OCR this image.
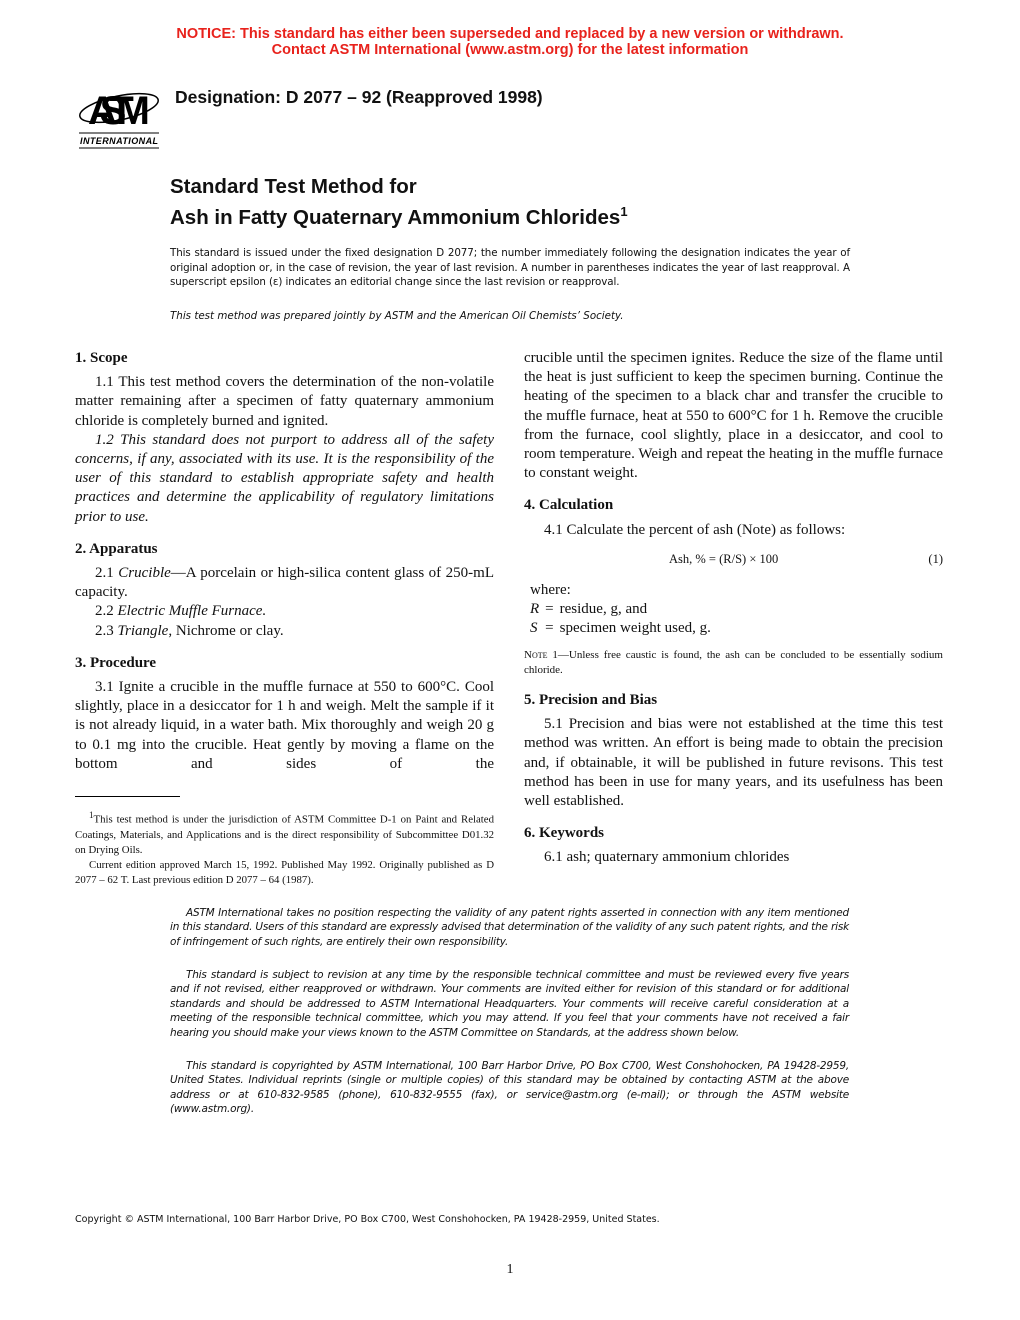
NOTICE: This standard has either been superseded and replaced by a new version or withdrawn.
Contact ASTM International (www.astm.org) for the latest information
ASTM
INTERNATIONAL
Designation: D 2077 – 92 (Reapproved 1998)
Standard Test Method for
Ash in Fatty Quaternary Ammonium Chlorides$^1$
This standard is issued under the fixed designation D 2077; the number immediately following the designation indicates the year of original adoption or, in the case of revision, the year of last revision. A number in parentheses indicates the year of last reapproval. A superscript epsilon (ε) indicates an editorial change since the last revision or reapproval.
This test method was prepared jointly by ASTM and the American Oil Chemists’ Society.
1. Scope

1.1 This test method covers the determination of the non-volatile matter remaining after a specimen of fatty quaternary ammonium chloride is completely burned and ignited.

1.2 This standard does not purport to address all of the safety concerns, if any, associated with its use. It is the responsibility of the user of this standard to establish appropriate safety and health practices and determine the applicability of regulatory limitations prior to use.

2. Apparatus

2.1 Crucible—A porcelain or high-silica content glass of 250-mL capacity.

2.2 Electric Muffle Furnace.

2.3 Triangle, Nichrome or clay.

3. Procedure

3.1 Ignite a crucible in the muffle furnace at 550 to 600°C. Cool slightly, place in a desiccator for 1 h and weigh. Melt the sample if it is not already liquid, in a water bath. Mix thoroughly and weigh 20 g to 0.1 mg into the crucible. Heat gently by moving a flame on the bottom and sides of the

$^1$This test method is under the jurisdiction of ASTM Committee D-1 on Paint and Related Coatings, Materials, and Applications and is the direct responsibility of Subcommittee D01.32 on Drying Oils.

Current edition approved March 15, 1992. Published May 1992. Originally published as D 2077 – 62 T. Last previous edition D 2077 – 64 (1987).

crucible until the specimen ignites. Reduce the size of the flame until the heat is just sufficient to keep the specimen burning. Continue the heating of the specimen to a black char and transfer the crucible to the muffle furnace, heat at 550 to 600°C for 1 h. Remove the crucible from the furnace, cool slightly, place in a desiccator, and cool to room temperature. Weigh and repeat the heating in the muffle furnace to constant weight.

4. Calculation

4.1 Calculate the percent of ash (Note) as follows:

Ash, % = (R/S) × 100	(1)
where:
R	=	residue, g, and
S	=	specimen weight used, g.
Note 1—Unless free caustic is found, the ash can be concluded to be essentially sodium chloride.
5. Precision and Bias

5.1 Precision and bias were not established at the time this test method was written. An effort is being made to obtain the precision and, if obtainable, it will be published in future revisons. This test method has been in use for many years, and its usefulness has been well established.

6. Keywords

6.1 ash; quaternary ammonium chlorides

ASTM International takes no position respecting the validity of any patent rights asserted in connection with any item mentioned in this standard. Users of this standard are expressly advised that determination of the validity of any such patent rights, and the risk of infringement of such rights, are entirely their own responsibility.

This standard is subject to revision at any time by the responsible technical committee and must be reviewed every five years and if not revised, either reapproved or withdrawn. Your comments are invited either for revision of this standard or for additional standards and should be addressed to ASTM International Headquarters. Your comments will receive careful consideration at a meeting of the responsible technical committee, which you may attend. If you feel that your comments have not received a fair hearing you should make your views known to the ASTM Committee on Standards, at the address shown below.

This standard is copyrighted by ASTM International, 100 Barr Harbor Drive, PO Box C700, West Conshohocken, PA 19428-2959, United States. Individual reprints (single or multiple copies) of this standard may be obtained by contacting ASTM at the above address or at 610-832-9585 (phone), 610-832-9555 (fax), or service@astm.org (e-mail); or through the ASTM website (www.astm.org).

Copyright © ASTM International, 100 Barr Harbor Drive, PO Box C700, West Conshohocken, PA 19428-2959, United States.
1
